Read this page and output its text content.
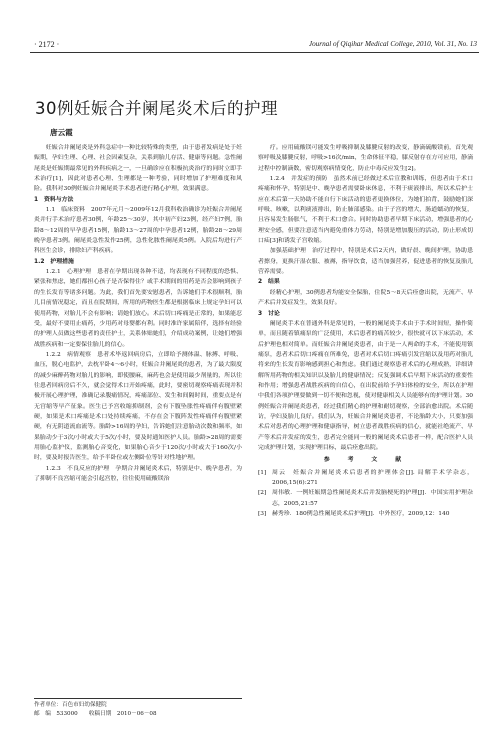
· 2172 ·	Journal of Qiqihar Medical College, 2010, Vol. 31, No. 13
30例妊娠合并阑尾炎术后的护理
唐云霞

妊娠合并阑尾炎是外科急症中一种比较特殊的类型，由于患者发病是处于妊娠期，孕妇生理、心理、社会因素复杂，关系到胎儿存活、健康等问题。急性阑尾炎是妊娠期最常见的外科疾病之一，一旦确诊应在积极抗炎治疗的同时立即手术治疗[1]，因此对患者心理、生理都是一种考验，同时增加了护理难度和风险。我科对30例妊娠合并阑尾炎手术患者进行精心护理，效果满意。

1　资料与方法

1.1　临床资料　2007年元月～2009年12月我科收治确诊为妊娠合并阑尾炎并行手术治疗患者30例，年龄25～30岁，其中初产妇23例，经产妇7例，胎龄8～12周的早孕患者15例，胎龄13～27周的中孕患者12例，胎龄28～29周晚孕患者3例。阑尾炎急性发作25例，急性化脓性阑尾炎5例。入院后均进行产科医生会诊，排除妇产科疾病。

1.2　护理措施

1.2.1　心理护理　患者在孕期出现各种不适，均表现有不同程度的恐惧、紧张和焦虑，她们都担心孩子是否保得住？或手术期间的用药是否会影响到孩子的生长发育等诸多问题。为此，我们首先要安慰患者，告诉她们手术很顺利，胎儿目前情况稳定，而且在院期间，所用的药物医生都是根据临床上规定孕妇可以使用药物，对胎儿不会有影响；请她们放心。术后切口疼痛是正常的，如果能忍受，最好不要用止痛药，少用药对母婴都有利。同时准许家属陪伴，选择有经验的护理人员做这些患者的责任护士，关系体贴她们，介绍成功案例，让她们增强战胜疾病和一定要保住胎儿的信心。

1.2.2　病情观察　患者术毕返回病房后，立即给予测体温、脉搏、呼吸、血压，脱心电监护，去枕平卧4～6小时，妊娠合并阑尾炎的患者，为了最大限度的减少麻醉药物对胎儿的影响，即使腰麻，麻药也会是使用最少剂量的，所以往往患者回病房后不久，就会觉得术口开始疼痛，此时，要密切观察疼痛表现并积极开展心理护理，准确记录腹痛情况，疼痛部位、发生和间隔时间，重要点是有无宫缩等早产征象。医生已予宫收缩抑制剂，会有下腹坠胀性疼痛伴有腹壁紧硬，如果是术口疼痛是术口处持续疼痛，不存在会下腹阵发性疼痛伴有腹壁紧硬，有无阴道流血流等。胎龄>16周的孕妇，告诉她们注意胎动次数和频率，如果胎动少于3次/小时或大于5次/小时，要及时通知医护人员。胎龄>28周的需要用胎心监护仪，监测胎心音变化，如果胎心音少于120次/小时或大于160次/小时，要及时报告医生，给予半卧位或左侧卧位等针对性地护理。

1.2.3　不良反应的护理　孕期合并阑尾炎术后，特别是中、晚孕患者，为了抑制不良宫缩可能会引起宫腔，往往使用硫酸镁治

疗。应用硫酸镁可能发生呼吸抑制及膝腱反射的改变，静滴硫酸镁前，首先观察呼吸及膝腱反射，呼吸>16次/min，生命体征平稳，膝反射存在方可应用，静滴过程中控制滴数，密切观察病情变化，防止中毒反应发生[2]。

1.2.4　并发症的预防　虽然术前已经做过术后宣教和训练，但患者由于术口疼痛和怀孕，特别是中、晚孕患者需要卧床休息，不利于痰液排出，所以术后护士应在术后第一天协助不能自行下床活动的患者更换体位，为她们拍背，鼓励她们深呼吸、咳嗽，以利痰液排出，防止肺部感染。由于子宫的增大，肠道蠕动的恢复，且容易发生肠胀气，不利于术口愈合。同时协助患者早期下床活动，增强患者的心理安全感，但要注意适当内避免重体力劳动，特别是增加腹压的活动，防止形成切口疝[3]和诱发子宫收缩。

加强基础护理　治疗过程中，特别是术后2天内，做好晨、晚间护理，协助患者擦身，更换汗湿衣服、被褥，指导饮食，适当加强营养，促进患者的恢复及胎儿营养需要。

2　结果

经精心护理，30例患者均能安全保胎，住院5～8天后痊愈出院，无流产、早产术后并发症发生，效果良好。

3　讨论

阑尾炎手术在普通外科是常见的，一般的阑尾炎手术由于手术时间短，操作简单，而且随着镇痛泵的广泛使用，术后患者的痛苦较少，很快就可以下床活动，术后护理也相对简单。而妊娠合并阑尾炎患者，由于是一人两命的手术，不能使用镇痛泵，患者术后切口疼痛在所难免，患者对术后切口疼痛引发宫缩以及用药对胎儿将来的生长发育影响感到担心和焦虑。我们通过观察患者术后的心理成熟，详细讲解所用药物的相关知识以及胎儿的健康情况；反复强调术后早期下床活动的重要性和作用；增强患者战胜疾病的自信心，在出院前给予孕妇体检的安全，所以在护理中我们各项护理要做到一切不便和忽视，使对健康相关人员能够有的护理计划。30例妊娠合并阑尾炎患者，经过我们精心的护理和耐切观察，全部治愈出院。术后随访，孕妇及胎儿良好。我们认为，妊娠合并阑尾炎患者，不论胎龄大小，只要加强术后对患者的心理护理和健康指导，树立患者战胜疾病的信心，就能社绝流产、早产等术后并发症的发生，患者完全能同一般的阑尾炎术后患者一样，配合医护人员完成护理计划，实现护理目标，最后痊愈出院。

参　考　文　献

[1] 周云　妊娠合并阑尾炎术后患者的护理体会[J]. 局解手术学杂志，2006,15(6):271

[2] 周伟敏．一例妊娠期急性阑尾炎术后并发脑梗死的护理[J]．中国实用护理杂志，2005,21:57

[3] 赫秀珍．180例急性阑尾炎术后护理[J]．中外医疗，2009,12：140

作者单位：百色市妇幼保健院
邮　编　533000　　收稿日期　2010－06－08
